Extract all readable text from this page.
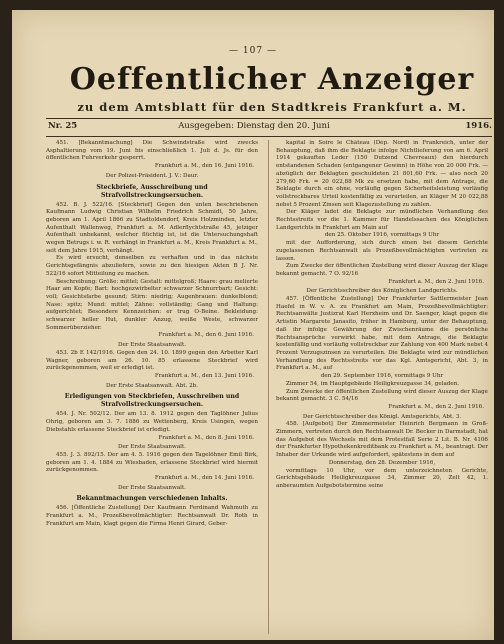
— 107 —
Oeffentlicher Anzeiger
zu dem Amtsblatt für den Stadtkreis Frankfurt a. M.
Nr. 25	Ausgegeben: Dienstag den 20. Juni	1916.

451. [Bekanntmachung] Die Schwindstraße wird zwecks Asphaltierung vom 19. Juni bis einschließlich 1. Juli d. Js. für den öffentlichen Fuhrverkehr gesperrt.

Frankfurt a. M., den 16. Juni 1916.

Der Polizei-Präsident. J. V.: Daur.

Steckbriefe, Ausschreibung und Strafvollstreckungsersuchen.

452. B. J. 522/16. [Steckbrief] Gegen den unten beschriebenen Kaufmann Ludwig Christian Wilhelm Friedrich Schmidt, 50 Jahre, geboren am 1. April 1866 zu Stadtoldendorf, Kreis Holzminden, letzter Aufenthalt Wallenweg, Frankfurt a. M. Adlerflychtstraße 45, jetziger Aufenthalt unbekannt, welcher flüchtig ist, ist die Untersuchungshaft wegen Betrugs i. w. R. verhängt in Frankfurt a. M., Kreis Frankfurt a. M., seit dem Jahre 1915, verhängt.

Es wird ersucht, denselben zu verhaften und in das nächste Gerichtsgefängnis abzuliefern, sowie zu den hiesigen Akten B J. Nr. 522/16 sofort Mitteilung zu machen.

Beschreibung: Größe: mittel; Gestalt: mittelgroß; Haare: grau melierte Haar am Kopfe; Bart: hochgezwirbelter schwarzer Schnurrbart; Gesicht: voll; Gesichtsfarbe gesund; Stirn: niedrig; Augenbrauen: dunkelblond; Nase: spitz; Mund: mittel; Zähne: vollständig; Gang und Haltung: aufgerichtet; Besondere Kennzeichen: er trug O-Beine. Bekleidung: schwarzer heller Hut, dunkler Anzug, weiße Weste, schwarzer Sommerüberzieher.

Frankfurt a. M., den 6. Juni 1916.

Der Erste Staatsanwalt.

453. 2b E 142/1916. Gegen den 24. 10. 1899 gegen den Arbeiter Karl Wagner, geboren am 26. 10. 85 erlassene Steckbrief wird zurückgenommen, weil er erledigt ist.

Frankfurt a. M., den 13. Juni 1916.

Der Erste Staatsanwalt. Abt. 2b.

Erledigungen von Steckbriefen, Ausschreiben und Strafvollstreckungsersuchen.

454. J. Nr. 502/12. Der am 13. 8. 1912 gegen den Taglöhner Julius Ohrig, geboren am 3. 7. 1886 zu Wettenberg, Kreis Usingen, wegen Diebstahls erlassene Steckbrief ist erledigt.

Frankfurt a. M., den 8. Juni 1916.

Der Erste Staatsanwalt.

455. J. 3. 892/15. Der am 4. 5. 1916 gegen den Tagelöhner Emil Birk, geboren am 1. 4. 1884 zu Wiesbaden, erlassene Steckbrief wird hiermit zurückgenommen.

Frankfurt a. M., den 14. Juni 1916.

Der Erste Staatsanwalt.

Bekanntmachungen verschiedenen Inhalts.

456. [Öffentliche Zustellung] Der Kaufmann Ferdinand Wahmuth zu Frankfurt a. M., Prozeßbevollmächtigter: Rechtsanwalt Dr. Roth in Frankfurt am Main, klagt gegen die Firma Henri Girard, Geber-

kapital in Soire le Château (Dép. Nord) in Frankreich, unter der Behauptung, daß ihm die Beklagte infolge Nichtlieferung von am 6. April 1914 gekauften Leder (150 Dutzend Chevreaux) den hierdurch entstandenen Schaden (entgangener Gewinn) in Höhe von 20 000 Frk. — abzüglich der Beklagten geschuldeten 21 801,60 Frk. — also noch 20 279,60 Frk. = 20 022,88 Mk zu ersetzen habe, mit dem Antrage, die Beklagte durch ein ohne, vorläufig gegen Sicherheitsleistung vorläufig vollstreckbares Urteil kostenfällig zu verurteilen, an Kläger M 20 022,88 nebst 5 Prozent Zinsen seit Klagezustellung zu zahlen.

Der Kläger ladet die Beklagte zur mündlichen Verhandlung des Rechtsstreits vor die 1. Kammer für Handelssachen des Königlichen Landgerichts in Frankfurt am Main auf

den 25. Oktober 1916, vormittags 9 Uhr

mit der Aufforderung, sich durch einen bei diesem Gerichte zugelassenen Rechtsanwalt als Prozeßbevollmächtigten vertreten zu lassen.

Zum Zwecke der öffentlichen Zustellung wird dieser Auszug der Klage bekannt gemacht. 7 O. 92/16

Frankfurt a. M., den 2. Juni 1916.

Der Gerichtsschreiber des Königlichen Landgerichts.

457. [Öffentliche Zustellung] Der Frankfurter Sattlermeister Jean Haefel in W. v. A. zu Frankfurt am Main, Prozeßbevollmächtigter: Rechtsanwälte Justizrat Karl Herxheim und Dr. Saenger, klagt gegen die Artistin Margarete Janasito, früher in Hamburg, unter der Behauptung, daß ihr infolge Gewährung der Zwischenräume die persönliche Rechtsansprüche verwirkt habe, mit dem Antrage, die Beklagte kostenfällig und vorläufig vollstreckbar zur Zahlung von 400 Mark nebst 4 Prozent Verzugszinsen zu verurteilen. Die Beklagte wird zur mündlichen Verhandlung des Rechtsstreits vor das Kgl. Amtsgericht, Abt. 3, in Frankfurt a. M., auf

den 29. September 1916, vormittags 9 Uhr

Zimmer 54, im Hauptgebäude Heiligkreuzgasse 34, geladen.

Zum Zwecke der öffentlichen Zustellung wird dieser Auszug der Klage bekannt gemacht. 3 C. 54/16

Frankfurt a. M., den 2. Juni 1916.

Der Gerichtsschreiber des Königl. Amtsgerichts, Abt. 3.

458. [Aufgebot] Der Zimmermeister Heinrich Bergmann in Groß-Zimmern, vertreten durch den Rechtsanwalt Dr. Becker in Darmstadt, hat das Aufgebot des Wechsels mit dem Protestfall Serie 2 Lit. B. Nr. 4106 der Frankfurter Hypothekenkreditbank zu Frankfurt a. M., beantragt. Der Inhaber der Urkunde wird aufgefordert, spätestens in dem auf

Donnerstag, den 28. Dezember 1916,

vormittags 10 Uhr, vor dem unterzeichneten Gerichte, Gerichtsgebäude Heiligkreuzgasse 34, Zimmer 20, Zelt 42, 1. anberaumten Aufgebotstermine seine
